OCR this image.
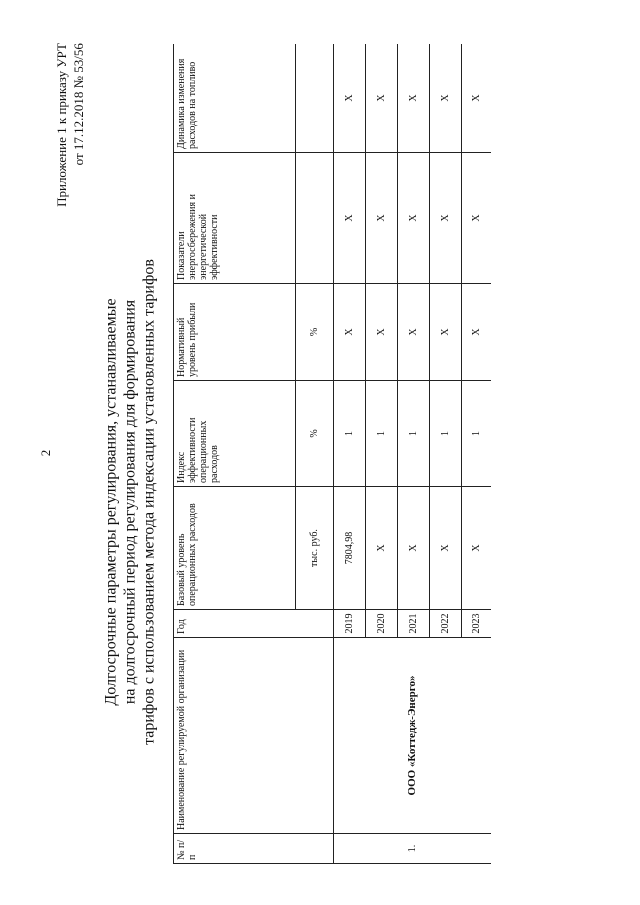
2
Приложение 1 к приказу УРТ от 17.12.2018 № 53/56
Долгосрочные параметры регулирования, устанавливаемые на долгосрочный период регулирования для формирования тарифов с использованием метода индексации установленных тарифов
№ п/п	Наименование регулируемой организации	Год	Базовый уровень операционных расходов	Индекс эффективности операционных расходов	Нормативный уровень прибыли	Показатели энергосбережения и энергетической эффективности	Динамика изменения расходов на топливо
			тыс. руб.	%	%		
1.	ООО «Коттедж-Энерго»	2019	7804,98	1	Х	Х	Х
		2020	Х	1	Х	Х	Х
		2021	Х	1	Х	Х	Х
		2022	Х	1	Х	Х	Х
		2023	Х	1	Х	Х	Х
